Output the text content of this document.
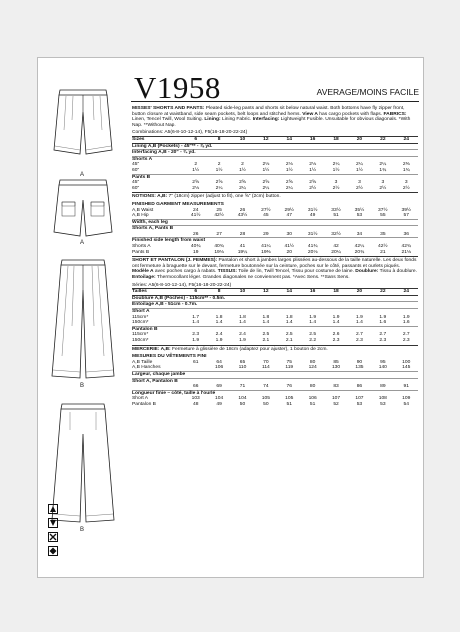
V1958	AVERAGE/MOINS FACILE
A
A
B
B
MISSES' SHORTS AND PANTS: Pleated side-leg pants and shorts sit below natural waist. Both bottoms have fly zipper front, button closure at waistband, side seam pockets, belt loops and stitched hems. View A has cargo pockets with flaps. FABRICS: Linen, Tencel Twill, Wool Suiting. Lining: Lining Fabric. Interfacing: Lightweight Fusible. Unsuitable for obvious diagonals. *With Nap. **Without Nap.
Combinations: A5(6-8-10-12-14), F5(16-18-20-22-24)
Sizes	6	8	10	12	14	16	18	20	22	24
Lining A,B (Pockets) - 45"** - ⅞ yd.										
Interfacing A,B - 20" - ¾ yd.										
Shorts A										
45"	2	2	2	2⅛	2⅛	2⅛	2¼	2¼	2¼	2⅜
60"	1½	1½	1½	1½	1½	1½	1½	1½	1¾	1¾
Pants B										
45"	2⅝	2⅝	2⅝	2⅝	2⅝	2⅝	3	3	3	3
60"	2⅛	2¼	2¼	2¼	2¼	2½	2½	2½	2½	2½
NOTIONS: A,B: 7" (18cm) zipper (adjust to fit), one ⅝" (2cm) button.
FINISHED GARMENT MEASUREMENTS
A,B Waist	24	25	26	27½	29½	31½	33½	35½	37½	39½
A,B Hip	41½	42½	43½	45	47	49	51	53	55	57
Width, each leg										
Shorts A, Pants B										
	26	27	28	29	30	31½	32½	34	35	36
Finished side length from waist										
Shorts A	40¾	40¾	41	41¼	41½	41¾	42	42¼	42½	42¾
Pants B	19	19⅛	19¼	19⅜	20	20⅛	20¼	20¾	21	21⅛
SHORT ET PANTALON (J. FEMMES): Pantalon et short à jambes larges plissées au-dessous de la taille naturelle. Les deux fonds ont fermeture à braguette sur le devant, fermeture boutonnée sur la ceinture, poches sur le côté, passants et ourlets piqués. Modèle A avec poches cargo à rabats. TISSUS: Toile de lin, Twill Tencel, Tissu pour costume de laine. Doublure: Tissu à doublure. Entoilage: Thermocollant léger. Grandes diagonales ne conviennent pas. *Avec Sens. **Sans Sens.
Séries: A5(6-8-10-12-14), F5(16-18-20-22-24)
Tailles	6	8	10	12	14	16	18	20	22	24
Doublure A,B (Poches) - 115cm** - 0.5m.										
Entoilage A,B - 51cm - 0.7m.										
Short A										
115cm*	1.7	1.8	1.8	1.8	1.8	1.9	1.9	1.9	1.9	1.9
150cm*	1.4	1.4	1.4	1.4	1.4	1.4	1.4	1.4	1.6	1.6
Pantalon B										
115cm*	2.3	2.4	2.4	2.5	2.5	2.5	2.6	2.7	2.7	2.7
150cm*	1.9	1.9	1.9	2.1	2.1	2.2	2.3	2.3	2.3	2.3
MERCERIE: A,B: Fermeture à glissière de 18cm (adaptez pour ajuster), 1 bouton de 2cm.
MESURES DU VÊTEMENTS FINI
A,B Taille	61	64	65	70	75	80	85	90	95	100
A,B Hanches		106	110	114	119	124	130	135	140	145
Largeur, chaque jambe										
Short A, Pantalon B										
	66	69	71	74	76	80	83	86	89	91
Longueur finie – côté, taille à l'ourlé										
Short A	103	104	104	105	105	106	107	107	108	109
Pantalon B	48	49	50	50	51	51	52	53	53	54
